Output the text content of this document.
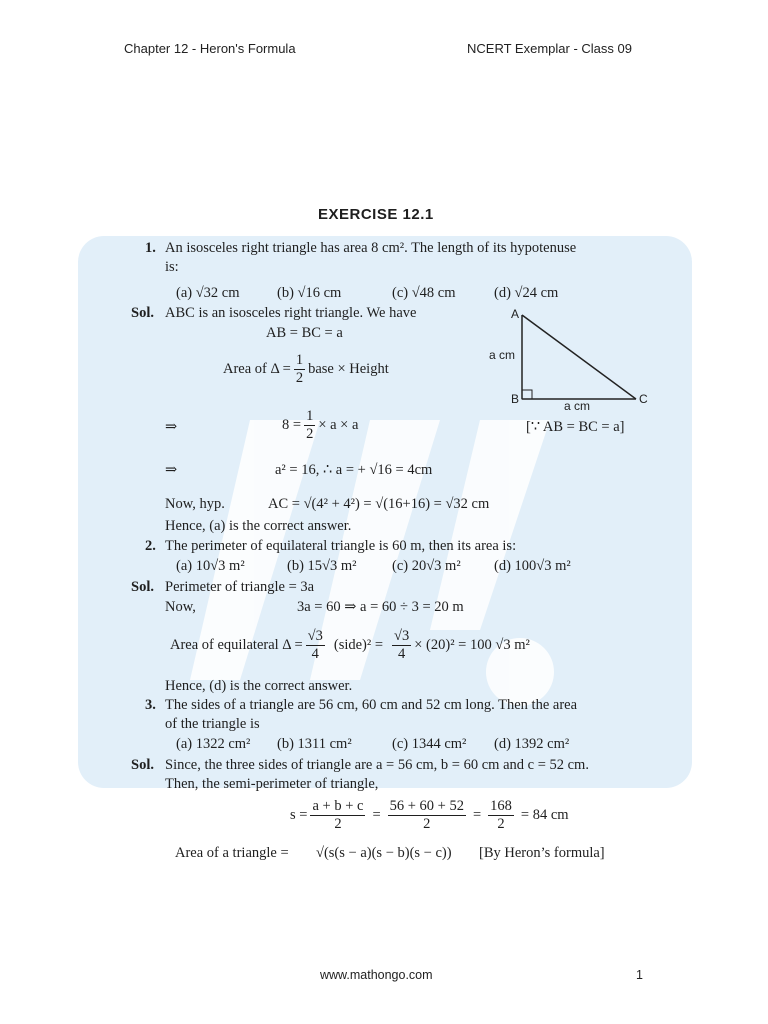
Chapter 12 - Heron's Formula	NCERT Exemplar - Class 09
EXERCISE 12.1
1. An isosceles right triangle has area 8 cm². The length of its hypotenuse
is:
(a) √32 cm	(b) √16 cm	(c) √48 cm	(d) √24 cm
Sol. ABC is an isosceles right triangle. We have
AB = BC = a
Area of $\Delta = \frac{1}{2}$ base × Height
⇒	$8 = \frac{1}{2} \times a \times a$	[∵ AB = BC = a]
⇒	a² = 16, ∴ a = + √16 = 4cm
Now, hyp.	AC = √(4² + 4²) = √(16+16) = √32 cm
Hence, (a) is the correct answer.
A
B	C
a cm
a cm
2. The perimeter of equilateral triangle is 60 m, then its area is:
(a) 10√3 m²	(b) 15√3 m² (c) 20√3 m² (d) 100√3 m²
Sol. Perimeter of triangle = 3a
Now,	3a = 60 ⇒ a = 60 ÷ 3 = 20 m
Area of equilateral $\Delta = \frac{√3}{4}$ (side)² = $\frac{√3}{4} \times (20)^2 = 100$ √3 m²
Hence, (d) is the correct answer.
3. The sides of a triangle are 56 cm, 60 cm and 52 cm long. Then the area
of the triangle is
(a) 1322 cm² (b) 1311 cm²	(c) 1344 cm² (d) 1392 cm²
Sol. Since, the three sides of triangle are a = 56 cm, b = 60 cm and c = 52 cm.
Then, the semi-perimeter of triangle,
$s = \frac{a + b + c}{2} = \frac{56 + 60 + 52}{2} = \frac{168}{2} = 84$ cm
Area of a triangle = √(s(s − a)(s − b)(s − c)) [By Heron’s formula]
www.mathongo.com	1
